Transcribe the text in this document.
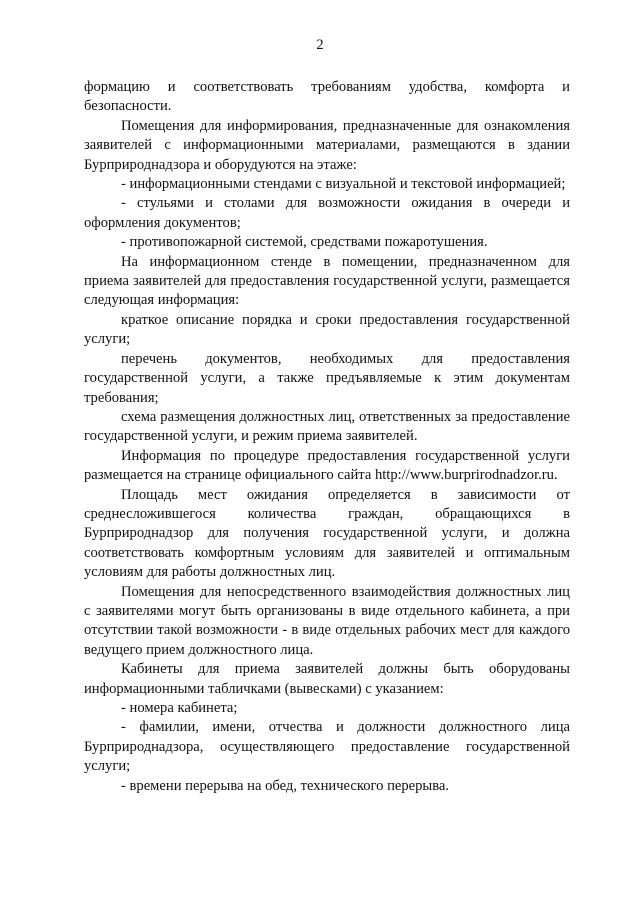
2

формацию и соответствовать требованиям удобства, комфорта и безопасности.

Помещения для информирования, предназначенные для ознакомления заявителей с информационными материалами, размещаются в здании Бурприроднадзора и оборудуются на этаже:

- информационными стендами с визуальной и текстовой информацией;

- стульями и столами для возможности ожидания в очереди и оформления документов;

- противопожарной системой, средствами пожаротушения.

На информационном стенде в помещении, предназначенном для приема заявителей для предоставления государственной услуги, размещается следующая информация:

краткое описание порядка и сроки предоставления государственной услуги;

перечень документов, необходимых для предоставления государственной услуги, а также предъявляемые к этим документам требования;

схема размещения должностных лиц, ответственных за предоставление государственной услуги, и режим приема заявителей.

Информация по процедуре предоставления государственной услуги размещается на странице официального сайта http://www.burprirodnadzor.ru.

Площадь мест ожидания определяется в зависимости от среднесложившегося количества граждан, обращающихся в Бурприроднадзор для получения государственной услуги, и должна соответствовать комфортным условиям для заявителей и оптимальным условиям для работы должностных лиц.

Помещения для непосредственного взаимодействия должностных лиц с заявителями могут быть организованы в виде отдельного кабинета, а при отсутствии такой возможности - в виде отдельных рабочих мест для каждого ведущего прием должностного лица.

Кабинеты для приема заявителей должны быть оборудованы информационными табличками (вывесками) с указанием:

- номера кабинета;

- фамилии, имени, отчества и должности должностного лица Бурприроднадзора, осуществляющего предоставление государственной услуги;

- времени перерыва на обед, технического перерыва.
